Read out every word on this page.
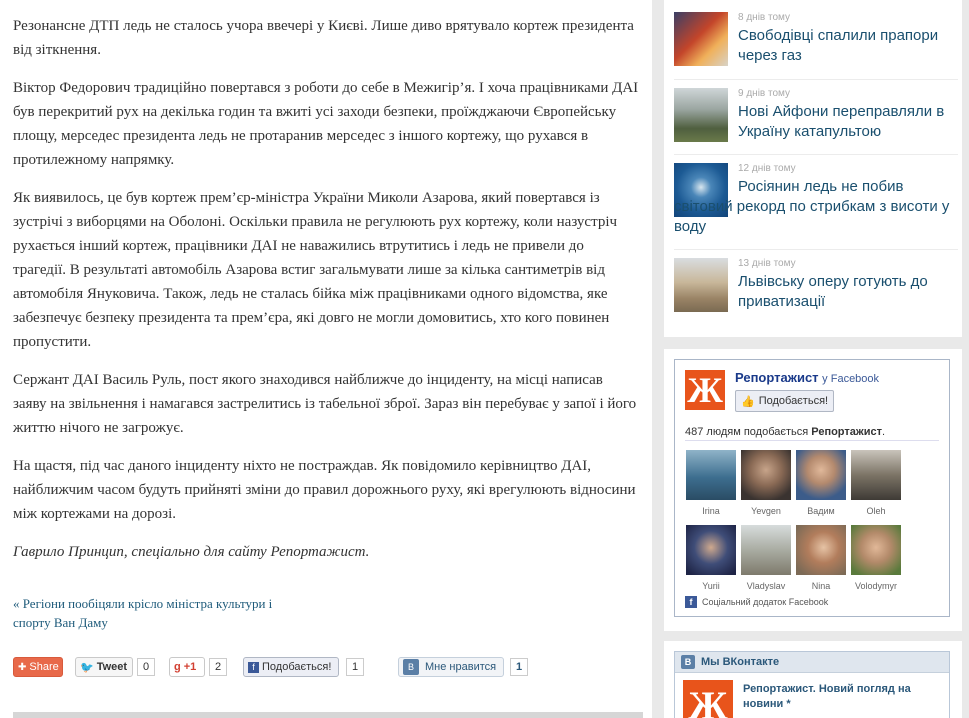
Резонансне ДТП ледь не сталось учора ввечері у Києві. Лише диво врятувало кортеж президента від зіткнення.

Віктор Федорович традиційно повертався з роботи до себе в Межигір’я. І хоча працівниками ДАІ був перекритий рух на декілька годин та вжиті усі заходи безпеки, проїжджаючи Європейську площу, мерседес президента ледь не протаранив мерседес з іншого кортежу, що рухався в протилежному напрямку.

Як виявилось, це був кортеж прем’єр-міністра України Миколи Азарова, який повертався із зустрічі з виборцями на Оболоні. Оскільки правила не регулюють рух кортежу, коли назустріч рухається інший кортеж, працівники ДАІ не наважились втрутитись і ледь не привели до трагедії. В результаті автомобіль Азарова встиг загальмувати лише за кілька сантиметрів від автомобіля Януковича. Також, ледь не сталась бійка між працівниками одного відомства, яке забезпечує безпеку президента та прем’єра, які довго не могли домовитись, хто кого повинен пропустити.

Сержант ДАІ Василь Руль, пост якого знаходився найближче до інциденту, на місці написав заяву на звільнення і намагався застрелитись із табельної зброї. Зараз він перебуває у запої і його життю нічого не загрожує.

На щастя, під час даного інциденту ніхто не постраждав. Як повідомило керівництво ДАІ, найближчим часом будуть прийняті зміни до правил дорожнього руху, які врегулюють відносини між кортежами на дорозі.

Гаврило Принцип, спеціально для сайту Репортажист.

« Регіони пообіцяли крісло міністра культури і спорту Ван Даму
✚ Share 🐦 Tweet	0	g +1	2	f Подобається!	1	В	Мне нравится	1
8 днів тому
Свободівці спалили прапори через газ
9 днів тому
Нові Айфони переправляли в Україну катапультою
12 днів тому
Росіянин ледь не побив світовий рекорд по стрибкам з висоти у воду
13 днів тому
Львівську оперу готують до приватизації
Ж Репортажист у Facebook
👍 Подобається!
487 людям подобається Репортажист.
Irina	Yevgen	Вадим	Oleh
Yurii	Vladyslav	Nina	Volodymyr
f	Соціальний додаток Facebook
В Мы ВКонтакте
Ж	Репортажист. Новий погляд на новини *
